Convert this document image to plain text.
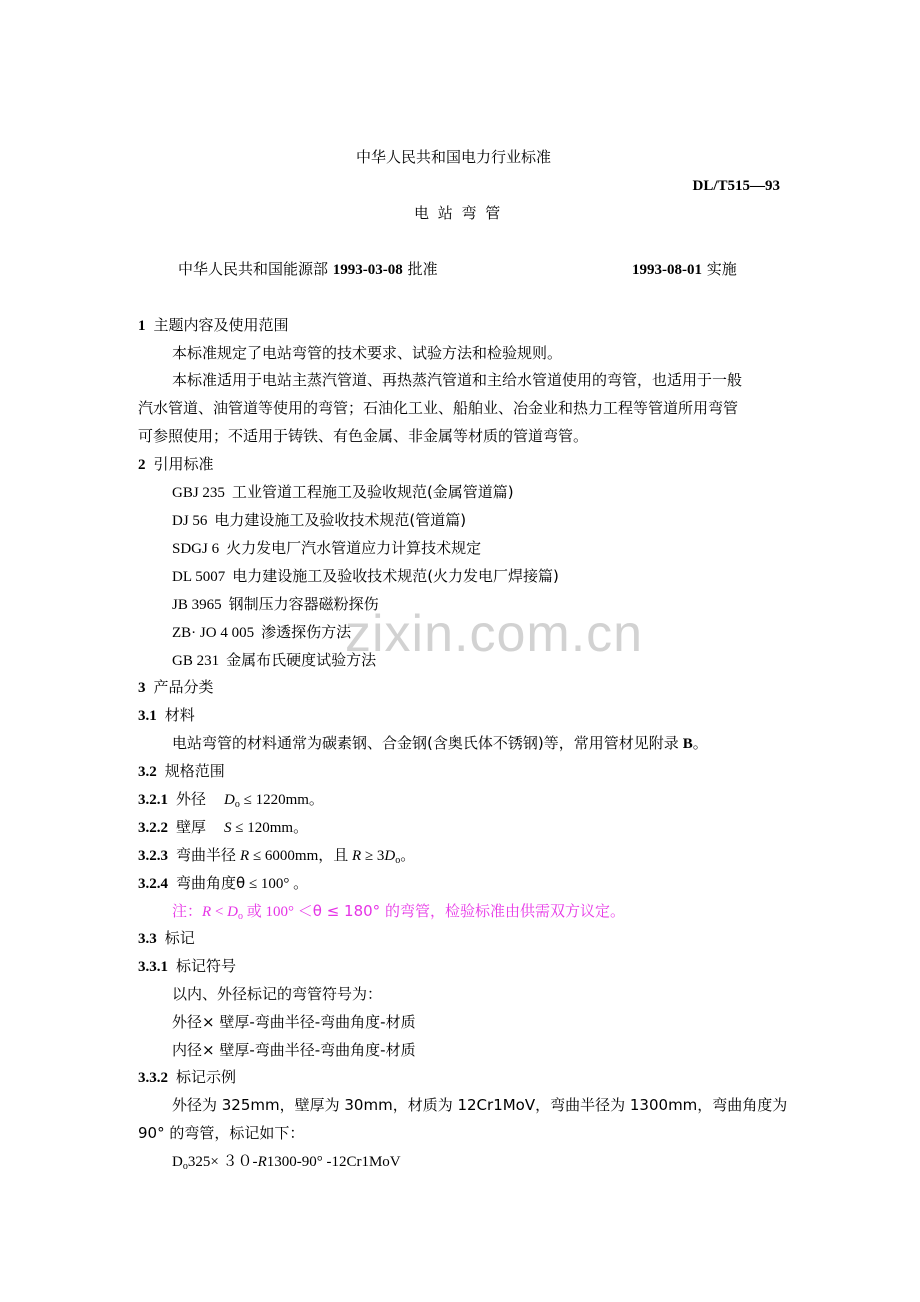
zixin.com.cn
中华人民共和国电力行业标准
DL/T515—93
电 站 弯 管
中华人民共和国能源部 1993-03-08 批准	1993-08-01 实施
1 主题内容及使用范围
本标准规定了电站弯管的技术要求、试验方法和检验规则。
本标准适用于电站主蒸汽管道、再热蒸汽管道和主给水管道使用的弯管，也适用于一般
汽水管道、油管道等使用的弯管；石油化工业、船舶业、冶金业和热力工程等管道所用弯管
可参照使用；不适用于铸铁、有色金属、非金属等材质的管道弯管。
2 引用标准
GBJ 235 工业管道工程施工及验收规范(金属管道篇)
DJ 56 电力建设施工及验收技术规范(管道篇)
SDGJ 6 火力发电厂汽水管道应力计算技术规定
DL 5007 电力建设施工及验收技术规范(火力发电厂焊接篇)
JB 3965 钢制压力容器磁粉探伤
ZB· JO 4 005 渗透探伤方法
GB 231 金属布氏硬度试验方法
3 产品分类
3.1 材料
电站弯管的材料通常为碳素钢、合金钢(含奥氏体不锈钢)等，常用管材见附录 B。
3.2 规格范围
3.2.1 外径 $D_o \le 1220mm$。
3.2.2 壁厚 S ≤ 120mm。
3.2.3 弯曲半径 R ≤ 6000mm，且 $R \ge 3D_o$。
3.2.4 弯曲角度θ ≤ 100° 。
注：$R < D_o$ 或 100° ＜θ ≤ 180° 的弯管，检验标准由供需双方议定。
3.3 标记
3.3.1 标记符号
以内、外径标记的弯管符号为：
外径× 壁厚-弯曲半径-弯曲角度-材质
内径× 壁厚-弯曲半径-弯曲角度-材质
3.3.2 标记示例
外径为 325mm，壁厚为 30mm，材质为 12Cr1MoV，弯曲半径为 1300mm，弯曲角度为
90° 的弯管，标记如下：
$D_o325\times 30-R1300-90^\circ$ -12Cr1MoV
